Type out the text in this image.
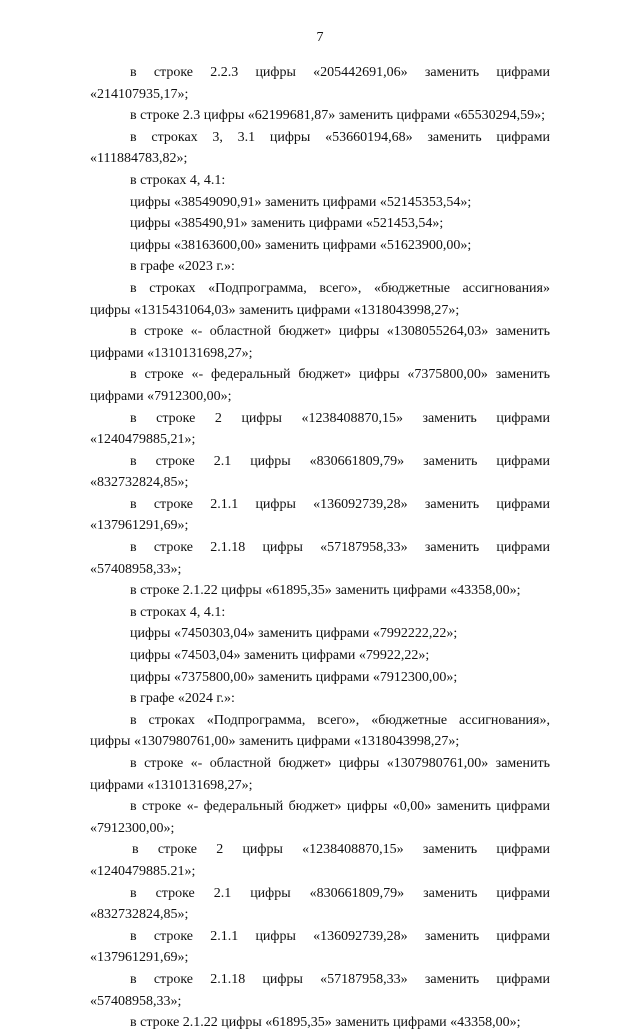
7
в строке 2.2.3 цифры «205442691,06» заменить цифрами
«214107935,17»;
в строке 2.3 цифры «62199681,87» заменить цифрами «65530294,59»;
в строках 3, 3.1 цифры «53660194,68» заменить цифрами
«111884783,82»;
в строках 4, 4.1:
цифры «38549090,91» заменить цифрами «52145353,54»;
цифры «385490,91» заменить цифрами «521453,54»;
цифры «38163600,00» заменить цифрами «51623900,00»;
в графе «2023 г.»:
в строках «Подпрограмма, всего», «бюджетные ассигнования»
цифры «1315431064,03» заменить цифрами «1318043998,27»;
в строке «- областной бюджет» цифры «1308055264,03» заменить
цифрами «1310131698,27»;
в строке «- федеральный бюджет» цифры «7375800,00» заменить
цифрами «7912300,00»;
в строке 2 цифры «1238408870,15» заменить цифрами
«1240479885,21»;
в строке 2.1 цифры «830661809,79» заменить цифрами
«832732824,85»;
в строке 2.1.1 цифры «136092739,28» заменить цифрами
«137961291,69»;
в строке 2.1.18 цифры «57187958,33» заменить цифрами
«57408958,33»;
в строке 2.1.22 цифры «61895,35» заменить цифрами «43358,00»;
в строках 4, 4.1:
цифры «7450303,04» заменить цифрами «7992222,22»;
цифры «74503,04» заменить цифрами «79922,22»;
цифры «7375800,00» заменить цифрами «7912300,00»;
в графе «2024 г.»:
в строках «Подпрограмма, всего», «бюджетные ассигнования»,
цифры «1307980761,00» заменить цифрами «1318043998,27»;
в строке «- областной бюджет» цифры «1307980761,00» заменить
цифрами «1310131698,27»;
в строке «- федеральный бюджет» цифры «0,00» заменить цифрами
«7912300,00»;
в строке 2 цифры «1238408870,15» заменить цифрами
«1240479885.21»;
в строке 2.1 цифры «830661809,79» заменить цифрами
«832732824,85»;
в строке 2.1.1 цифры «136092739,28» заменить цифрами
«137961291,69»;
в строке 2.1.18 цифры «57187958,33» заменить цифрами
«57408958,33»;
в строке 2.1.22 цифры «61895,35» заменить цифрами «43358,00»;
